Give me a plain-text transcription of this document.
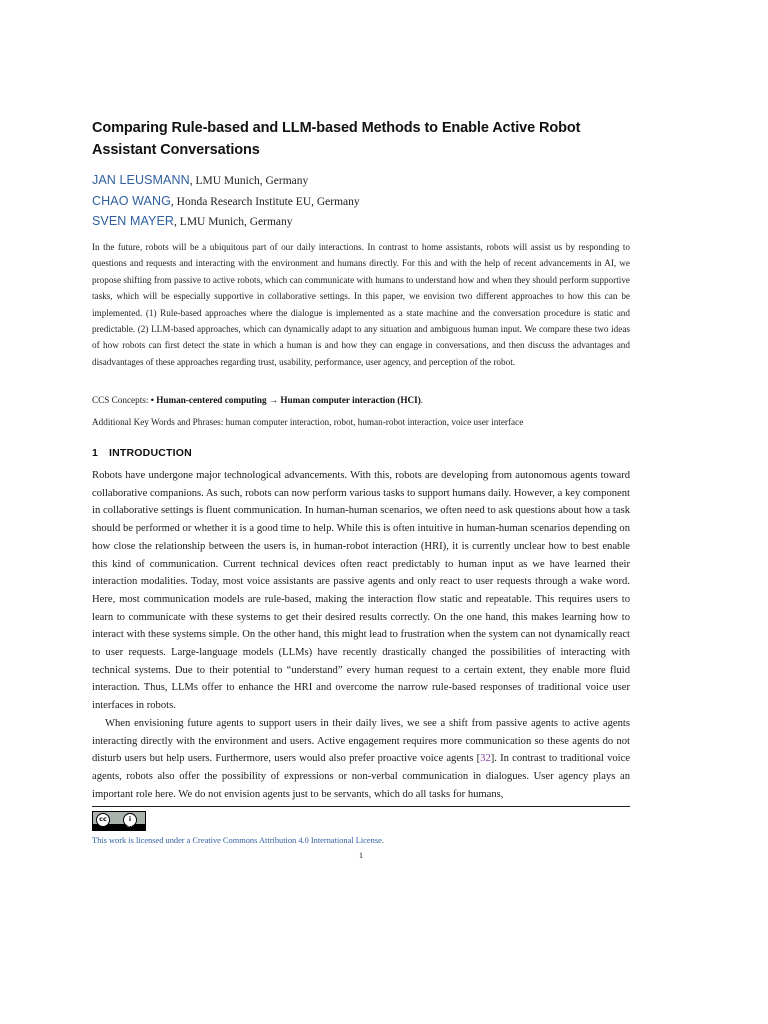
Comparing Rule-based and LLM-based Methods to Enable Active Robot Assistant Conversations
JAN LEUSMANN, LMU Munich, Germany
CHAO WANG, Honda Research Institute EU, Germany
SVEN MAYER, LMU Munich, Germany

In the future, robots will be a ubiquitous part of our daily interactions. In contrast to home assistants, robots will assist us by responding to questions and requests and interacting with the environment and humans directly. For this and with the help of recent advancements in AI, we propose shifting from passive to active robots, which can communicate with humans to understand how and when they should perform supportive tasks, which will be especially supportive in collaborative settings. In this paper, we envision two different approaches to how this can be implemented. (1) Rule-based approaches where the dialogue is implemented as a state machine and the conversation procedure is static and predictable. (2) LLM-based approaches, which can dynamically adapt to any situation and ambiguous human input. We compare these two ideas of how robots can first detect the state in which a human is and how they can engage in conversations, and then discuss the advantages and disadvantages of these approaches regarding trust, usability, performance, user agency, and perception of the robot.

CCS Concepts: • Human-centered computing → Human computer interaction (HCI).

Additional Key Words and Phrases: human computer interaction, robot, human-robot interaction, voice user interface

1 INTRODUCTION

Robots have undergone major technological advancements. With this, robots are developing from autonomous agents toward collaborative companions. As such, robots can now perform various tasks to support humans daily. However, a key component in collaborative settings is fluent communication. In human-human scenarios, we often need to ask questions about how a task should be performed or whether it is a good time to help. While this is often intuitive in human-human scenarios depending on how close the relationship between the users is, in human-robot interaction (HRI), it is currently unclear how to best enable this kind of communication. Current technical devices often react predictably to human input as we have learned their interaction modalities. Today, most voice assistants are passive agents and only react to user requests through a wake word. Here, most communication models are rule-based, making the interaction flow static and repeatable. This requires users to learn to communicate with these systems to get their desired results correctly. On the one hand, this makes learning how to interact with these systems simple. On the other hand, this might lead to frustration when the system can not dynamically react to user requests. Large-language models (LLMs) have recently drastically changed the possibilities of interacting with technical systems. Due to their potential to “understand” every human request to a certain extent, they enable more fluid interaction. Thus, LLMs offer to enhance the HRI and overcome the narrow rule-based responses of traditional voice user interfaces in robots.

When envisioning future agents to support users in their daily lives, we see a shift from passive agents to active agents interacting directly with the environment and users. Active engagement requires more communication so these agents do not disturb users but help users. Furthermore, users would also prefer proactive voice agents [32]. In contrast to traditional voice agents, robots also offer the possibility of expressions or non-verbal communication in dialogues. User agency plays an important role here. We do not envision agents just to be servants, which do all tasks for humans,

cc	i
BY
This work is licensed under a Creative Commons Attribution 4.0 International License.
1
